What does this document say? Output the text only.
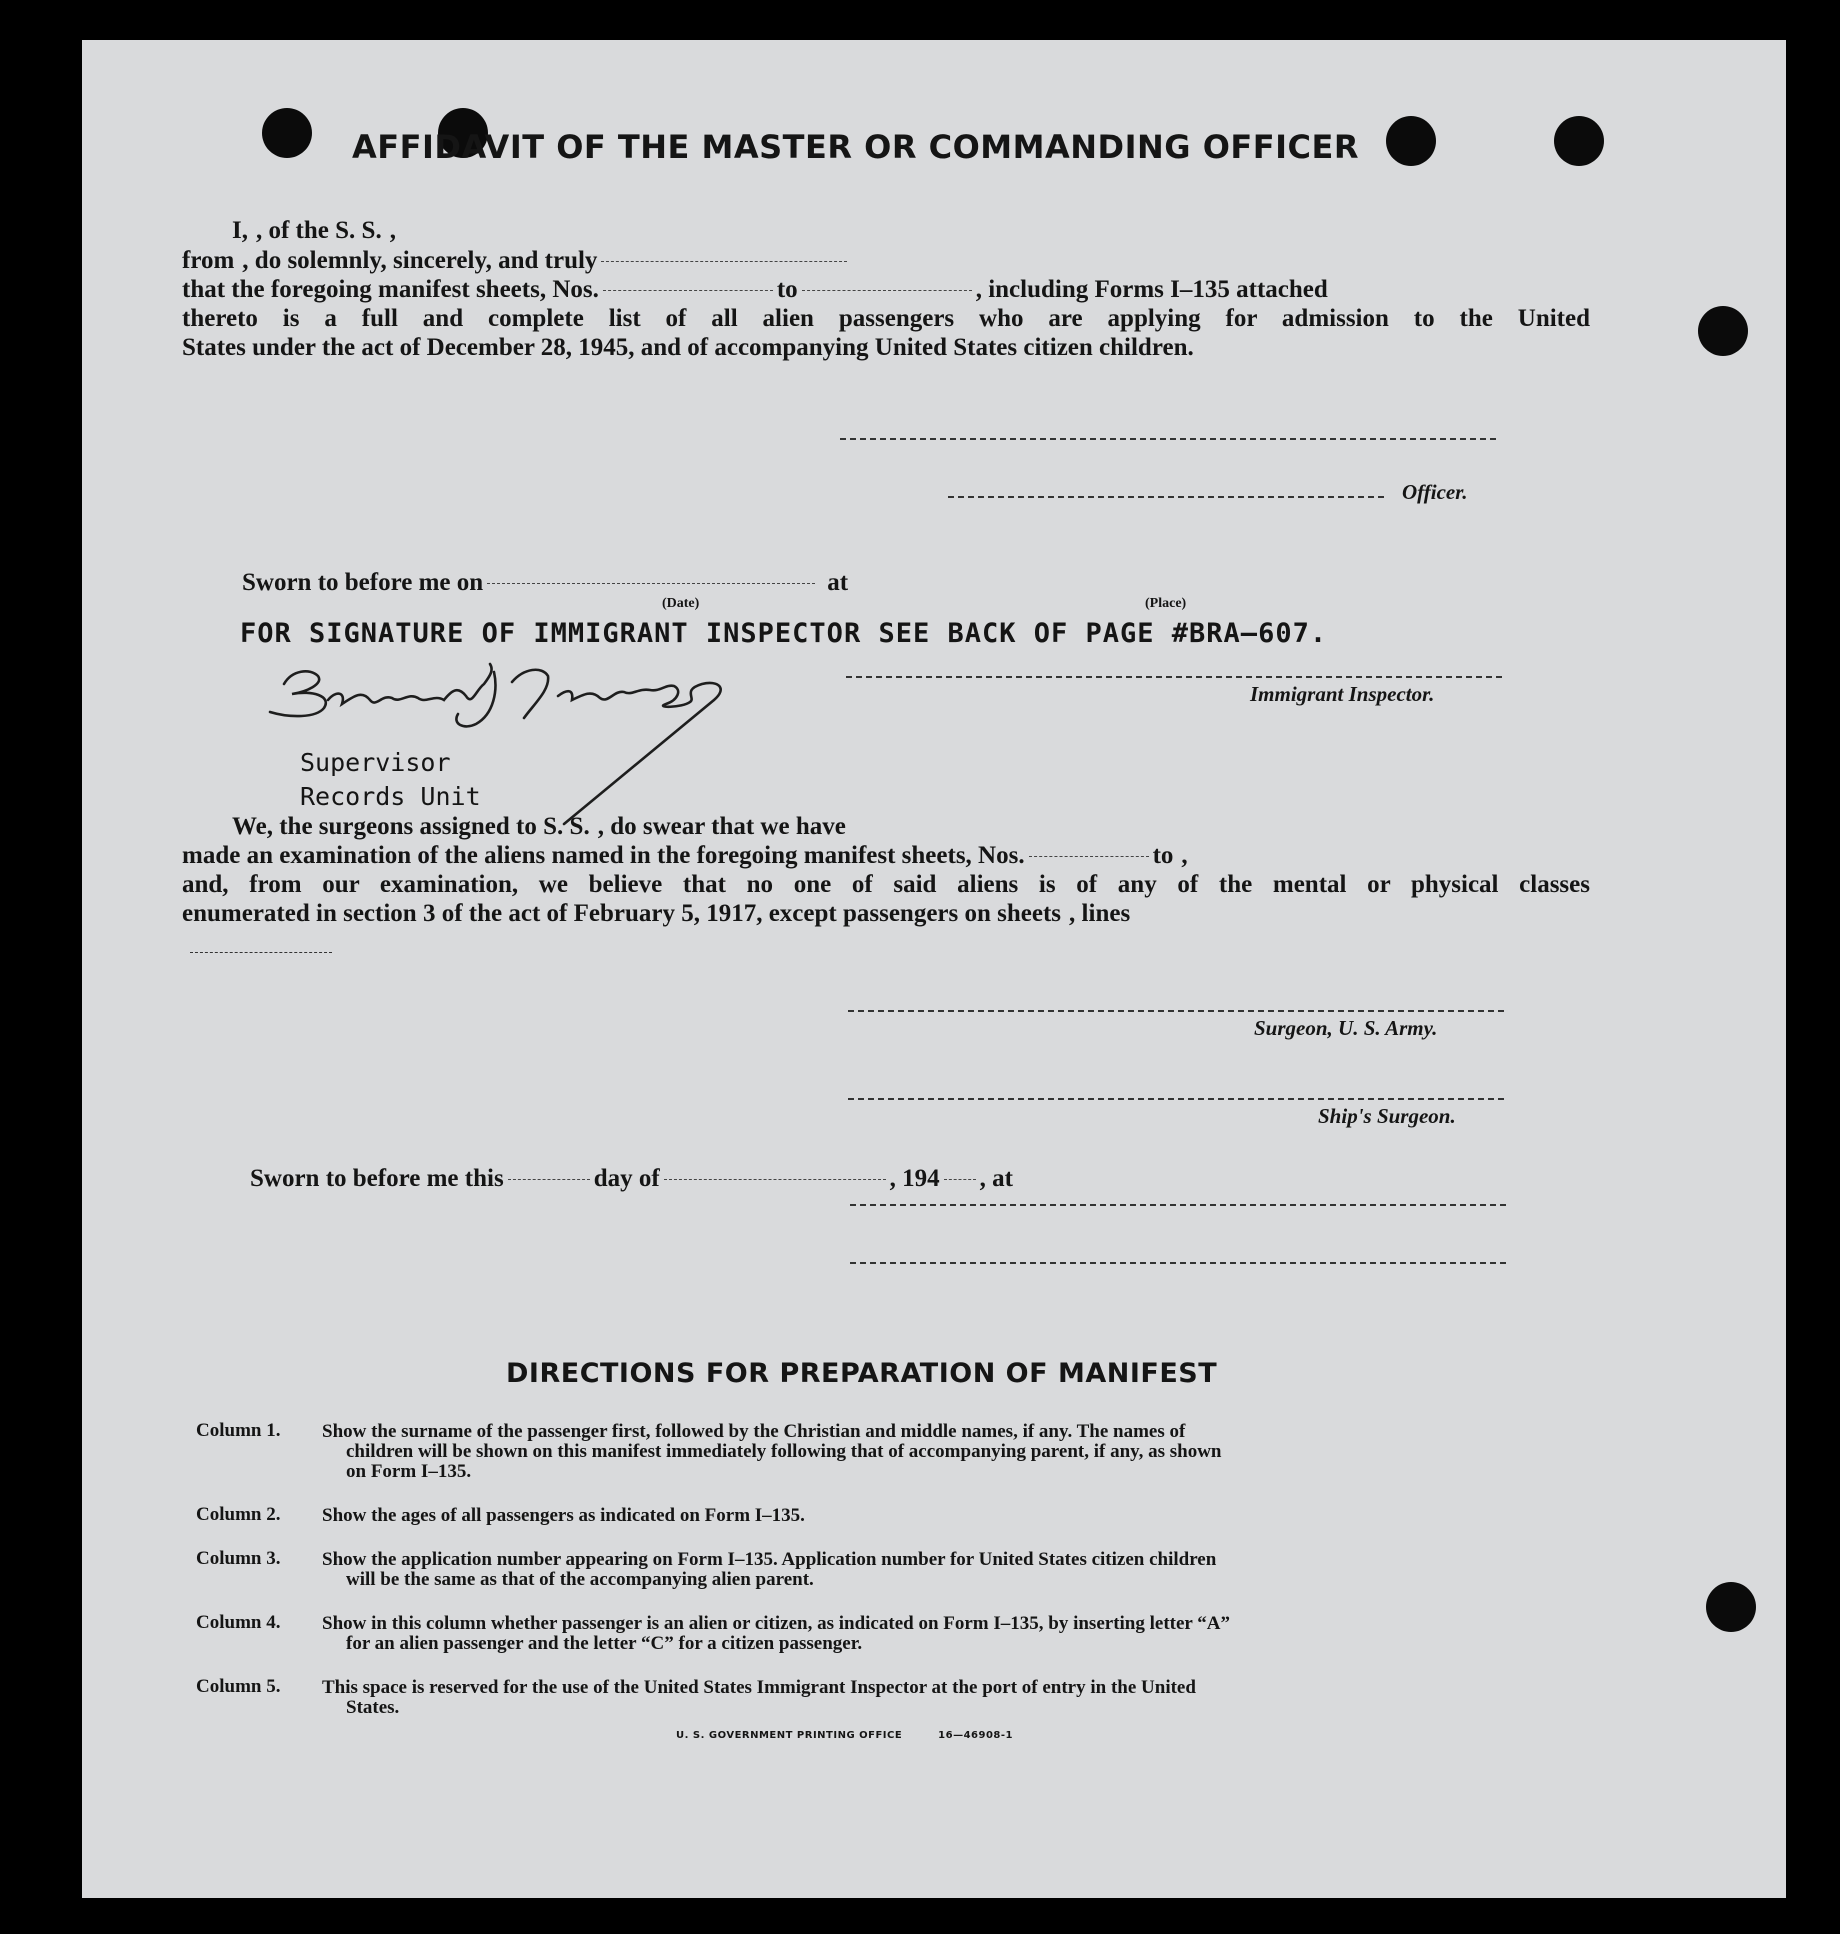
AFFIDAVIT OF THE MASTER OR COMMANDING OFFICER
I, , of the S. S. ,
from , do solemnly, sincerely, and truly
that the foregoing manifest sheets, Nos.	to	, including Forms I–135 attached
thereto is a full and complete list of all alien passengers who are applying for admission to the United
States under the act of December 28, 1945, and of accompanying United States citizen children.
Officer.
Sworn to before me on	at
(Date)	(Place)
FOR SIGNATURE OF IMMIGRANT INSPECTOR SEE BACK OF PAGE #BRA–607.
Immigrant Inspector.
Supervisor
Records Unit
We, the surgeons assigned to S. S. , do swear that we have
made an examination of the aliens named in the foregoing manifest sheets, Nos.	to ,
and, from our examination, we believe that no one of said aliens is of any of the mental or physical classes
enumerated in section 3 of the act of February 5, 1917, except passengers on sheets , lines
Surgeon, U. S. Army.
Ship's Surgeon.
Sworn to before me this	day of	, 194 , at
DIRECTIONS FOR PREPARATION OF MANIFEST
Column 1. Show the surname of the passenger first, followed by the Christian and middle names, if any. The names of
children will be shown on this manifest immediately following that of accompanying parent, if any, as shown
on Form I–135.
Column 2. Show the ages of all passengers as indicated on Form I–135.
Column 3. Show the application number appearing on Form I–135. Application number for United States citizen children
will be the same as that of the accompanying alien parent.
Column 4. Show in this column whether passenger is an alien or citizen, as indicated on Form I–135, by inserting letter “A”
for an alien passenger and the letter “C” for a citizen passenger.
Column 5. This space is reserved for the use of the United States Immigrant Inspector at the port of entry in the United
States.
U. S. GOVERNMENT PRINTING OFFICE	16—46908-1
